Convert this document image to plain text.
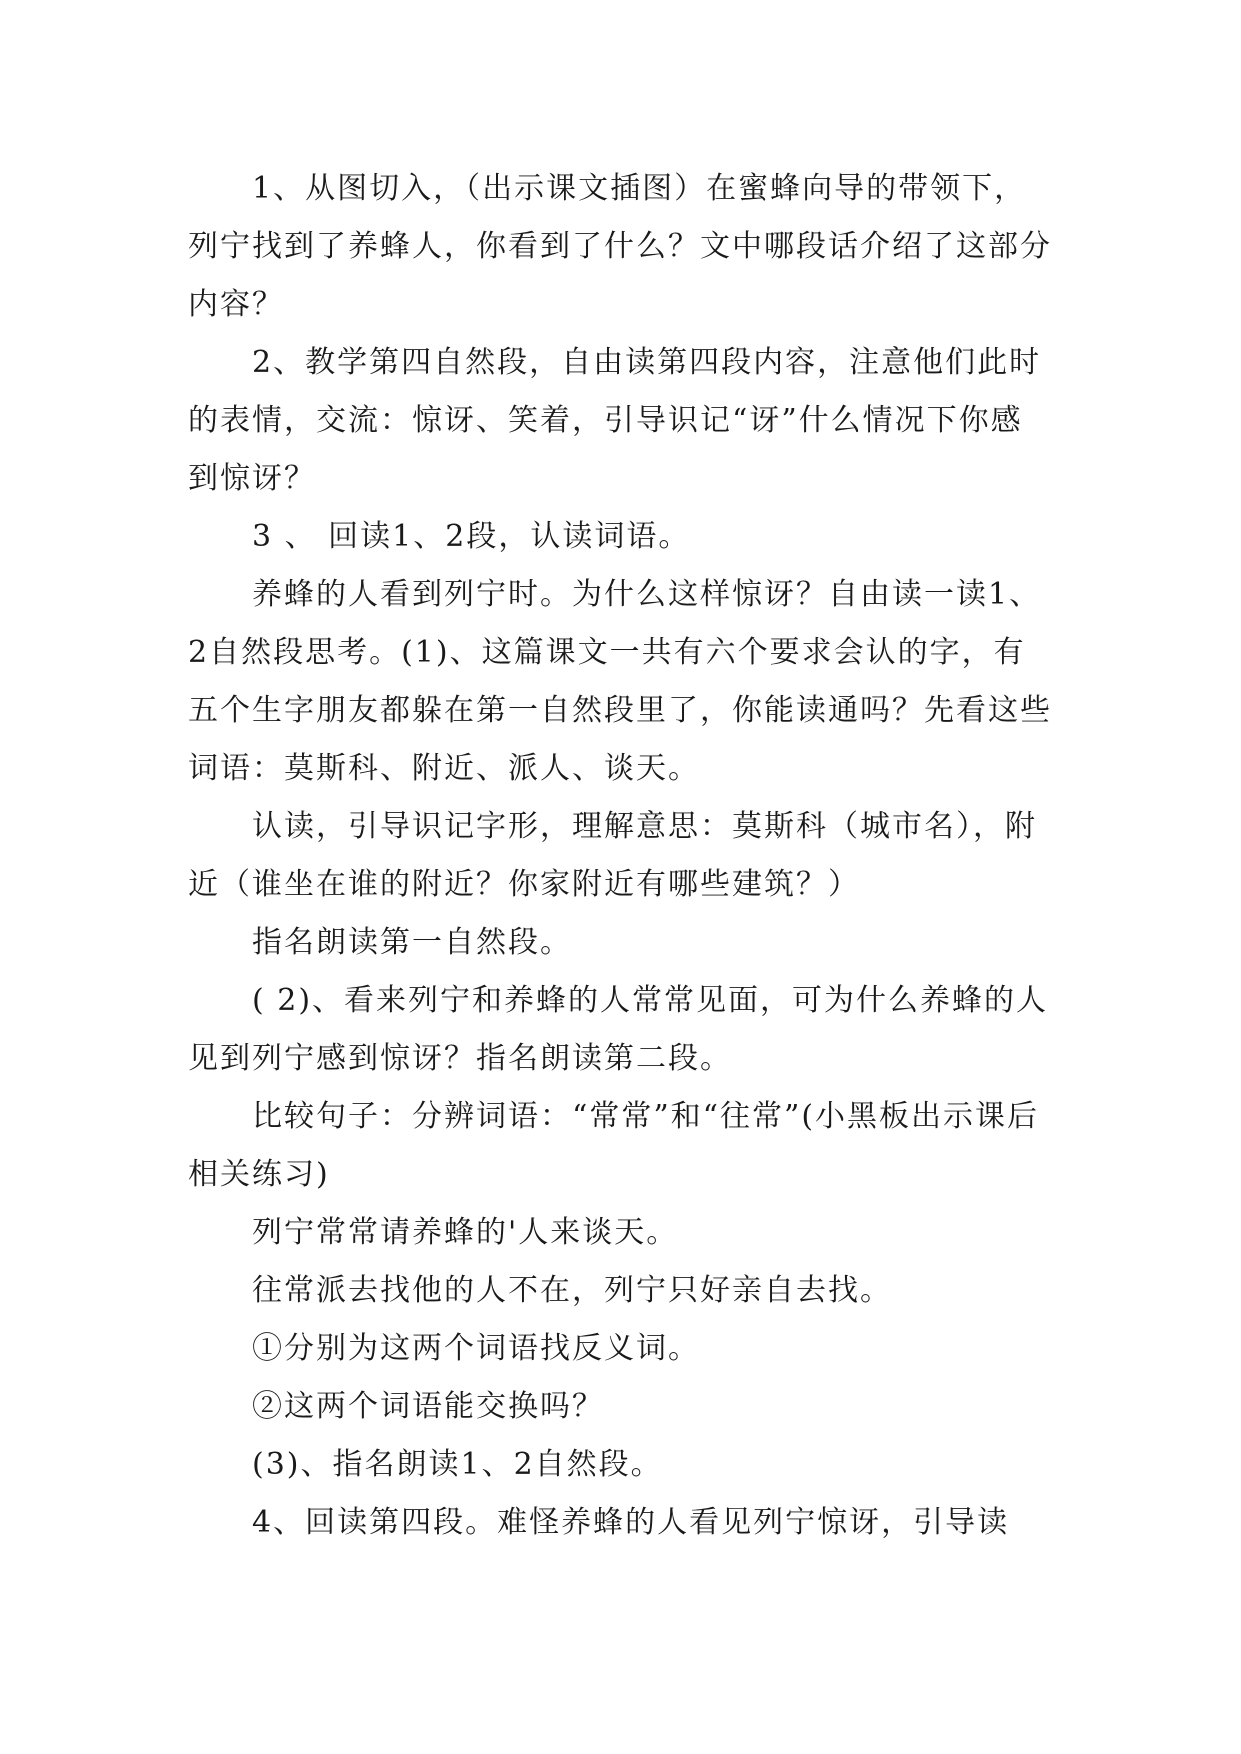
1、从图切入，（出示课文插图）在蜜蜂向导的带领下，列宁找到了养蜂人，你看到了什么？文中哪段话介绍了这部分内容？

2、教学第四自然段，自由读第四段内容，注意他们此时的表情，交流：惊讶、笑着，引导识记“讶”什么情况下你感到惊讶？

3 、 回读1、2段，认读词语。

养蜂的人看到列宁时。为什么这样惊讶？自由读一读1、2自然段思考。(1)、这篇课文一共有六个要求会认的字，有五个生字朋友都躲在第一自然段里了，你能读通吗？先看这些词语：莫斯科、附近、派人、谈天。

认读，引导识记字形，理解意思：莫斯科（城市名），附近（谁坐在谁的附近？你家附近有哪些建筑？）

指名朗读第一自然段。

( 2)、看来列宁和养蜂的人常常见面，可为什么养蜂的人见到列宁感到惊讶？指名朗读第二段。

比较句子：分辨词语：“常常”和“往常”(小黑板出示课后相关练习)

列宁常常请养蜂的'人来谈天。

往常派去找他的人不在，列宁只好亲自去找。

①分别为这两个词语找反义词。

②这两个词语能交换吗？

(3)、指名朗读1、2自然段。

4、回读第四段。难怪养蜂的人看见列宁惊讶，引导读
